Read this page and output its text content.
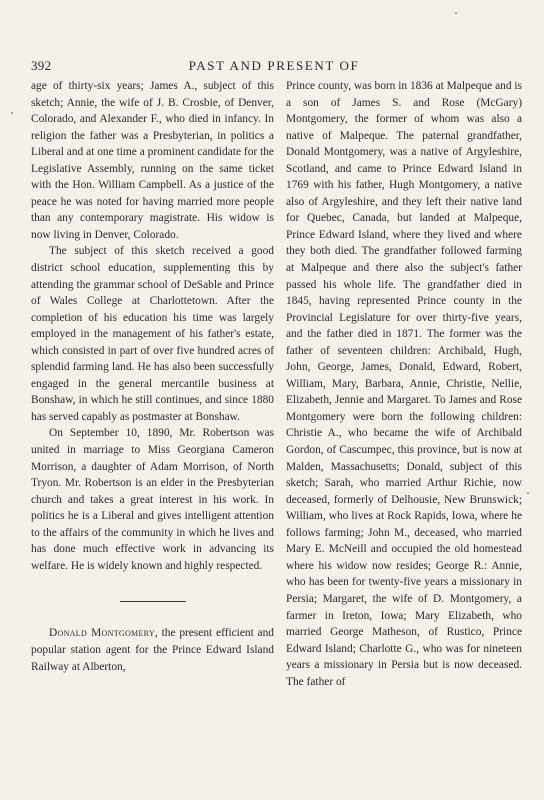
392	PAST AND PRESENT OF

age of thirty-six years; James A., subject of this sketch; Annie, the wife of J. B. Crosbie, of Denver, Colorado, and Alexander F., who died in infancy. In religion the father was a Presbyterian, in politics a Liberal and at one time a prominent candidate for the Legislative Assembly, running on the same ticket with the Hon. William Campbell. As a justice of the peace he was noted for having married more people than any contemporary magistrate. His widow is now living in Denver, Colorado.

The subject of this sketch received a good district school education, supplementing this by attending the grammar school of DeSable and Prince of Wales College at Charlottetown. After the completion of his education his time was largely employed in the management of his father's estate, which consisted in part of over five hundred acres of splendid farming land. He has also been successfully engaged in the general mercantile business at Bonshaw, in which he still continues, and since 1880 has served capably as postmaster at Bonshaw.

On September 10, 1890, Mr. Robertson was united in marriage to Miss Georgiana Cameron Morrison, a daughter of Adam Morrison, of North Tryon. Mr. Robertson is an elder in the Presbyterian church and takes a great interest in his work. In politics he is a Liberal and gives intelligent attention to the affairs of the community in which he lives and has done much effective work in advancing its welfare. He is widely known and highly respected.

Donald Montgomery, the present efficient and popular station agent for the Prince Edward Island Railway at Alberton,

Prince county, was born in 1836 at Malpeque and is a son of James S. and Rose (McGary) Montgomery, the former of whom was also a native of Malpeque. The paternal grandfather, Donald Montgomery, was a native of Argyleshire, Scotland, and came to Prince Edward Island in 1769 with his father, Hugh Montgomery, a native also of Argyleshire, and they left their native land for Quebec, Canada, but landed at Malpeque, Prince Edward Island, where they lived and where they both died. The grandfather followed farming at Malpeque and there also the subject's father passed his whole life. The grandfather died in 1845, having represented Prince county in the Provincial Legislature for over thirty-five years, and the father died in 1871. The former was the father of seventeen children: Archibald, Hugh, John, George, James, Donald, Edward, Robert, William, Mary, Barbara, Annie, Christie, Nellie, Elizabeth, Jennie and Margaret. To James and Rose Montgomery were born the following children: Christie A., who became the wife of Archibald Gordon, of Cascumpec, this province, but is now at Malden, Massachusetts; Donald, subject of this sketch; Sarah, who married Arthur Richie, now deceased, formerly of Delhousie, New Brunswick; William, who lives at Rock Rapids, Iowa, where he follows farming; John M., deceased, who married Mary E. McNeill and occupied the old homestead where his widow now resides; George R.: Annie, who has been for twenty-five years a missionary in Persia; Margaret, the wife of D. Montgomery, a farmer in Ireton, Iowa; Mary Elizabeth, who married George Matheson, of Rustico, Prince Edward Island; Charlotte G., who was for nineteen years a missionary in Persia but is now deceased. The father of
